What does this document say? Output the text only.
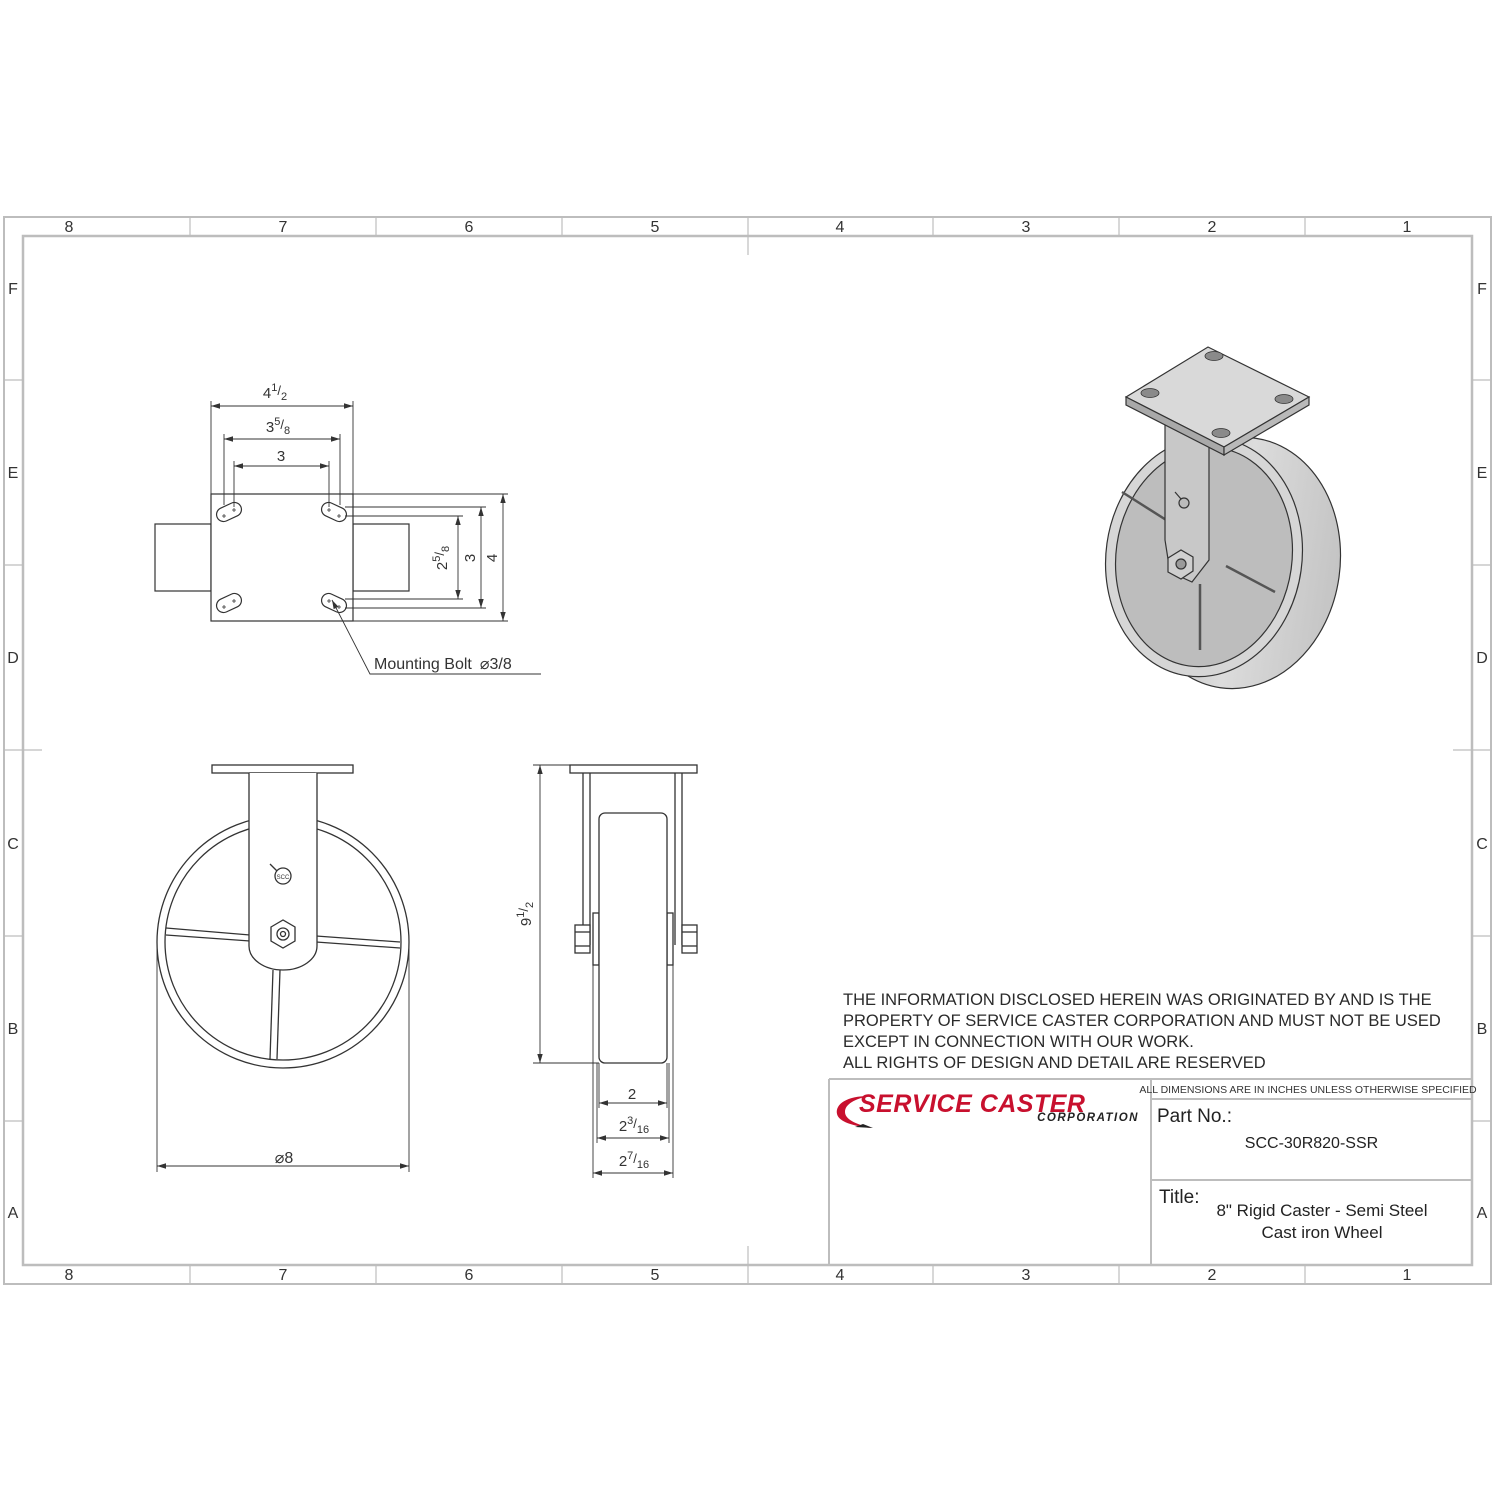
8	7	6	5	4	3	2	1
8	7	6	5	4	3	2	1
F
E
D
C
B
A
F
E
D
C
B
A
$4^1/_2$
$3^5/_8$
3
$2^5/_8$
3 4
Mounting Bolt ⌀3/8
SCC
⌀8
$9^1/_2$
2
$2^3/_{16}$
$2^7/_{16}$
ALL DIMENSIONS ARE IN INCHES UNLESS OTHERWISE SPECIFIED
THE INFORMATION DISCLOSED HEREIN WAS ORIGINATED BY AND IS THE
PROPERTY OF SERVICE CASTER CORPORATION AND MUST NOT BE USED
EXCEPT IN CONNECTION WITH OUR WORK.
ALL RIGHTS OF DESIGN AND DETAIL ARE RESERVED
SERVICE CASTER
CORPORATION Part No.:
SCC-30R820-SSR
Title:
8" Rigid Caster - Semi Steel
Cast iron Wheel
